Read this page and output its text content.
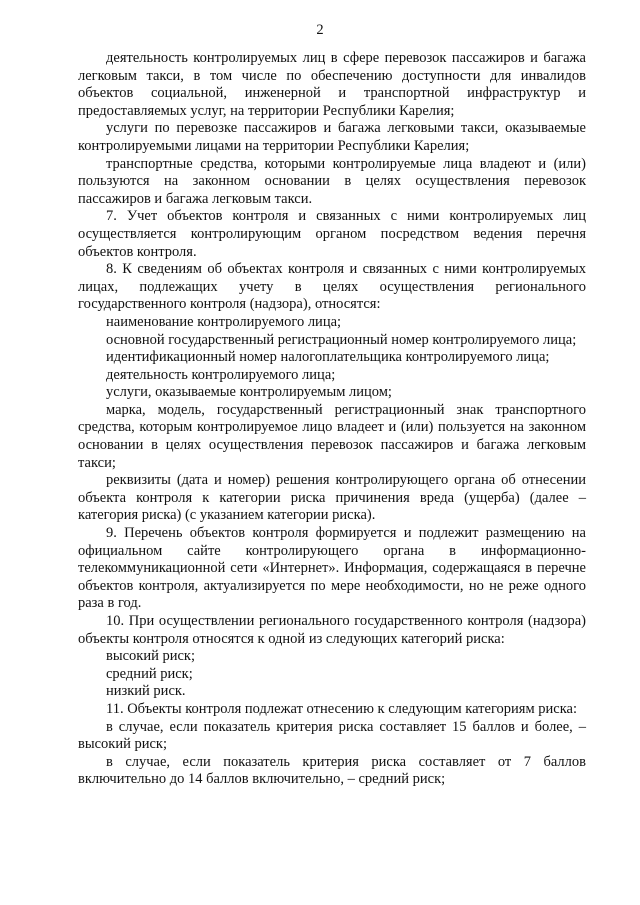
2

деятельность контролируемых лиц в сфере перевозок пассажиров и багажа легковым такси, в том числе по обеспечению доступности для инвалидов объектов социальной, инженерной и транспортной инфраструктур и предоставляемых услуг, на территории Республики Карелия;

услуги по перевозке пассажиров и багажа легковыми такси, оказываемые контролируемыми лицами на территории Республики Карелия;

транспортные средства, которыми контролируемые лица владеют и (или) пользуются на законном основании в целях осуществления перевозок пассажиров и багажа легковым такси.

7. Учет объектов контроля и связанных с ними контролируемых лиц осуществляется контролирующим органом посредством ведения перечня объектов контроля.

8. К сведениям об объектах контроля и связанных с ними контролируемых лицах, подлежащих учету в целях осуществления регионального государственного контроля (надзора), относятся:

наименование контролируемого лица;

основной государственный регистрационный номер контролируемого лица;

идентификационный номер налогоплательщика контролируемого лица;

деятельность контролируемого лица;

услуги, оказываемые контролируемым лицом;

марка, модель, государственный регистрационный знак транспортного средства, которым контролируемое лицо владеет и (или) пользуется на законном основании в целях осуществления перевозок пассажиров и багажа легковым такси;

реквизиты (дата и номер) решения контролирующего органа об отнесении объекта контроля к категории риска причинения вреда (ущерба) (далее – категория риска) (с указанием категории риска).

9. Перечень объектов контроля формируется и подлежит размещению на официальном сайте контролирующего органа в информационно-телекоммуникационной сети «Интернет». Информация, содержащаяся в перечне объектов контроля, актуализируется по мере необходимости, но не реже одного раза в год.

10. При осуществлении регионального государственного контроля (надзора) объекты контроля относятся к одной из следующих категорий риска:

высокий риск;

средний риск;

низкий риск.

11. Объекты контроля подлежат отнесению к следующим категориям риска:

в случае, если показатель критерия риска составляет 15 баллов и более, – высокий риск;

в случае, если показатель критерия риска составляет от 7 баллов включительно до 14 баллов включительно, – средний риск;
